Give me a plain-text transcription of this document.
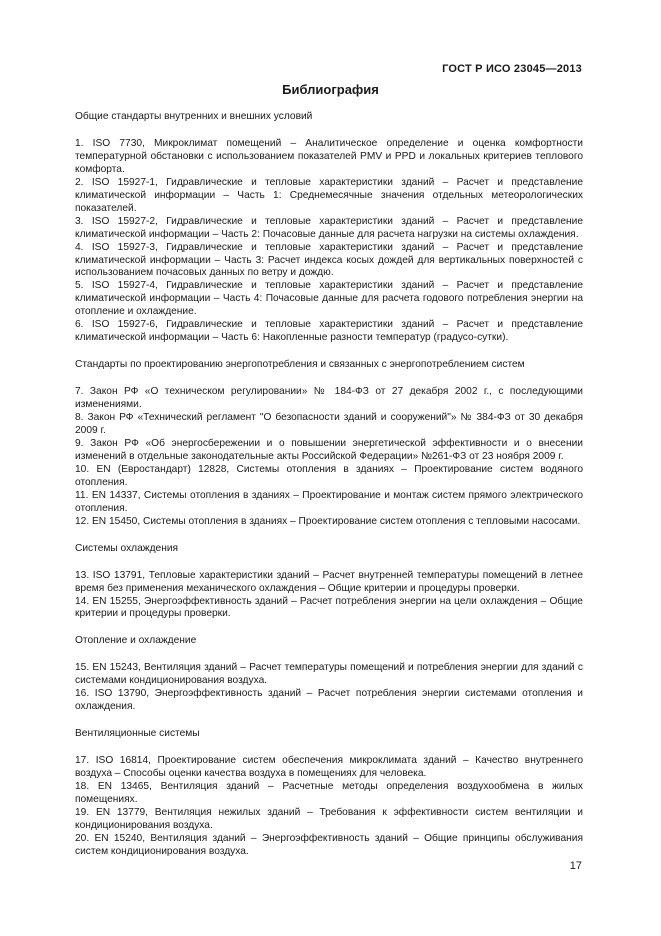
ГОСТ Р ИСО 23045—2013
Библиография

Общие стандарты внутренних и внешних условий

1. ISO 7730, Микроклимат помещений – Аналитическое определение и оценка комфортности температурной обстановки с использованием показателей PMV и PPD и локальных критериев теплового комфорта.

2. ISO 15927-1, Гидравлические и тепловые характеристики зданий – Расчет и представление климатической информации – Часть 1: Среднемесячные значения отдельных метеорологических показателей.

3. ISO 15927-2, Гидравлические и тепловые характеристики зданий – Расчет и представление климатической информации – Часть 2: Почасовые данные для расчета нагрузки на системы охлаждения.

4. ISO 15927-3, Гидравлические и тепловые характеристики зданий – Расчет и представление климатической информации – Часть 3: Расчет индекса косых дождей для вертикальных поверхностей с использованием почасовых данных по ветру и дождю.

5. ISO 15927-4, Гидравлические и тепловые характеристики зданий – Расчет и представление климатической информации – Часть 4: Почасовые данные для расчета годового потребления энергии на отопление и охлаждение.

6. ISO 15927-6, Гидравлические и тепловые характеристики зданий – Расчет и представление климатической информации – Часть 6: Накопленные разности температур (градусо-сутки).

Стандарты по проектированию энергопотребления и связанных с энергопотреблением систем

7. Закон РФ «О техническом регулировании» № 184-ФЗ от 27 декабря 2002 г., с последующими изменениями.

8. Закон РФ «Технический регламент "О безопасности зданий и сооружений"» № 384-ФЗ от 30 декабря 2009 г.

9. Закон РФ «Об энергосбережении и о повышении энергетической эффективности и о внесении изменений в отдельные законодательные акты Российской Федерации» №261-ФЗ от 23 ноября 2009 г.

10. EN (Евростандарт) 12828, Системы отопления в зданиях – Проектирование систем водяного отопления.

11. EN 14337, Системы отопления в зданиях – Проектирование и монтаж систем прямого электрического отопления.

12. EN 15450, Системы отопления в зданиях – Проектирование систем отопления с тепловыми насосами.

Системы охлаждения

13. ISO 13791, Тепловые характеристики зданий – Расчет внутренней температуры помещений в летнее время без применения механического охлаждения – Общие критерии и процедуры проверки.

14. EN 15255, Энергоэффективность зданий – Расчет потребления энергии на цели охлаждения – Общие критерии и процедуры проверки.

Отопление и охлаждение

15. EN 15243, Вентиляция зданий – Расчет температуры помещений и потребления энергии для зданий с системами кондиционирования воздуха.

16. ISO 13790, Энергоэффективность зданий – Расчет потребления энергии системами отопления и охлаждения.

Вентиляционные системы

17. ISO 16814, Проектирование систем обеспечения микроклимата зданий – Качество внутреннего воздуха – Способы оценки качества воздуха в помещениях для человека.

18. EN 13465, Вентиляция зданий – Расчетные методы определения воздухообмена в жилых помещениях.

19. EN 13779, Вентиляция нежилых зданий – Требования к эффективности систем вентиляции и кондиционирования воздуха.

20. EN 15240, Вентиляция зданий – Энергоэффективность зданий – Общие принципы обслуживания систем кондиционирования воздуха.

17
